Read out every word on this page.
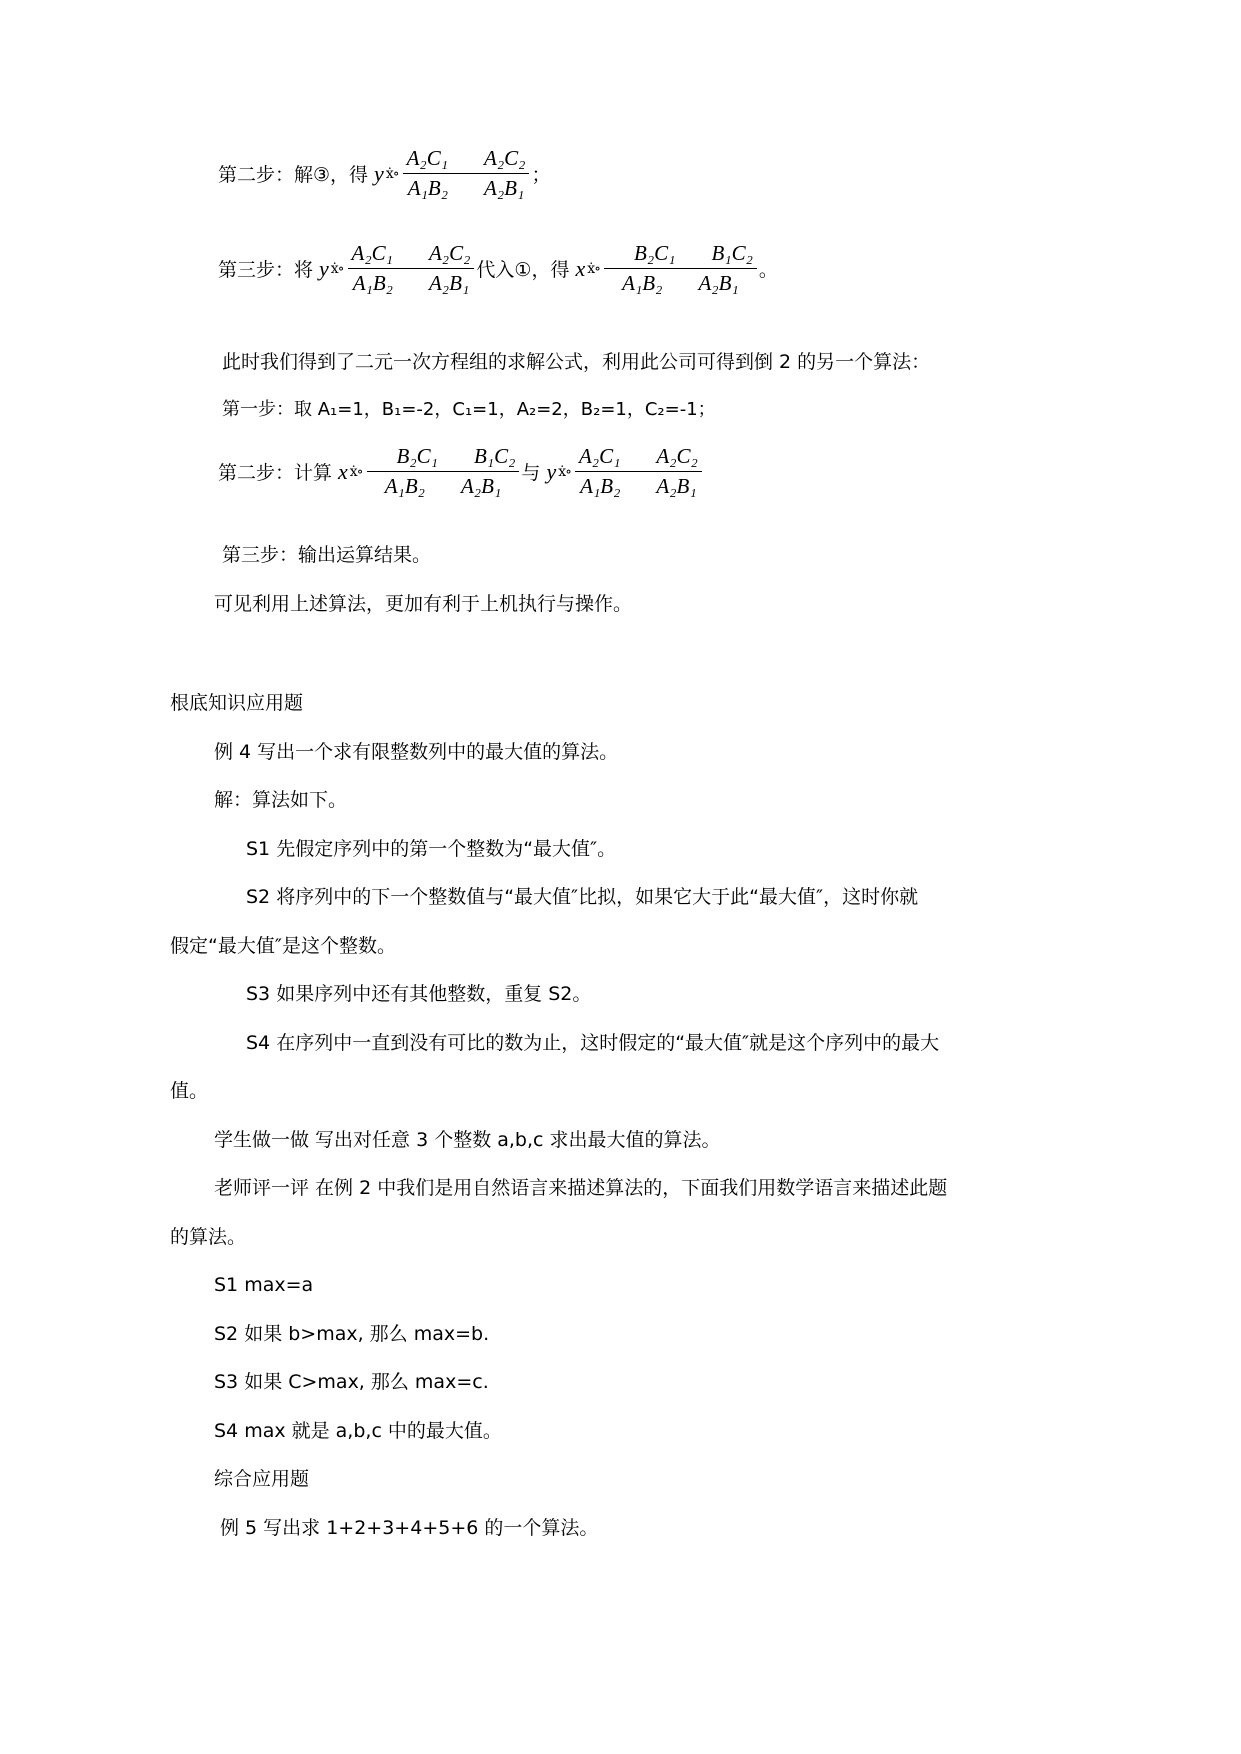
第二步：解③，得 y ẋ∘ $\frac{\text{A₂C₁ A₂C₂}}{\text{A₁B₂ A₂B₁}}$ ；
第三步：将 y ẋ∘ $\frac{\text{A₂C₁ A₂C₂}}{\text{A₁B₂ A₂B₁}}$ 代入①，得 x ẋ∘ $\frac{\text{B₂C₁ B₁C₂}}{\text{A₁B₂ A₂B₁}}$ 。
此时我们得到了二元一次方程组的求解公式，利用此公司可得到倒 2 的另一个算法：
第一步：取 A₁=1，B₁=-2，C₁=1，A₂=2，B₂=1，C₂=-1；
第二步：计算 x ẋ∘ $\frac{\text{B₂C₁ B₁C₂}}{\text{A₁B₂ A₂B₁}}$ 与 y ẋ∘ $\frac{\text{A₂C₁ A₂C₂}}{\text{A₁B₂ A₂B₁}}$
第三步：输出运算结果。
可见利用上述算法，更加有利于上机执行与操作。
根底知识应用题
例 4 写出一个求有限整数列中的最大值的算法。
解：算法如下。
S1 先假定序列中的第一个整数为“最大值″。
S2 将序列中的下一个整数值与“最大值″比拟，如果它大于此“最大值″，这时你就
假定“最大值″是这个整数。
S3 如果序列中还有其他整数，重复 S2。
S4 在序列中一直到没有可比的数为止，这时假定的“最大值″就是这个序列中的最大
值。
学生做一做 写出对任意 3 个整数 a,b,c 求出最大值的算法。
老师评一评 在例 2 中我们是用自然语言来描述算法的，下面我们用数学语言来描述此题
的算法。
S1 max=a
S2 如果 b>max, 那么 max=b.
S3 如果 C>max, 那么 max=c.
S4 max 就是 a,b,c 中的最大值。
综合应用题
例 5 写出求 1+2+3+4+5+6 的一个算法。
